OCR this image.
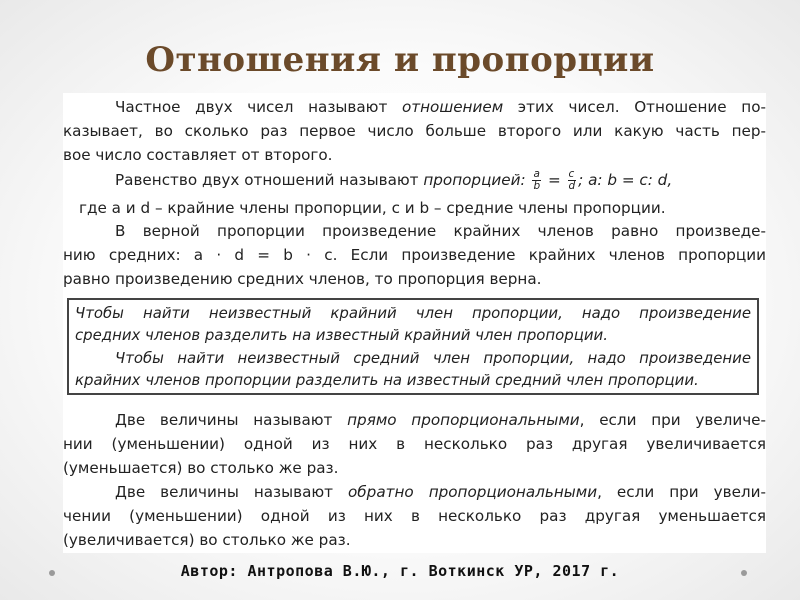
Отношения и пропорции
Частное двух чисел называют отношением этих чисел. Отношение по-
казывает, во сколько раз первое число больше второго или какую часть пер-
вое число составляет от второго.
Равенство двух отношений называют пропорцией: $\frac{a}{b} = \frac{c}{d}$ ; a: b = c: d,
где a и d – крайние члены пропорции, c и b – средние члены пропорции.
В верной пропорции произведение крайних членов равно произведе-
нию средних: a · d = b · c. Если произведение крайних членов пропорции
равно произведению средних членов, то пропорция верна.
Две величины называют прямо пропорциональными, если при увеличе-
нии (уменьшении) одной из них в несколько раз другая увеличивается
(уменьшается) во столько же раз.
Две величины называют обратно пропорциональными, если при увели-
чении (уменьшении) одной из них в несколько раз другая уменьшается
(увеличивается) во столько же раз.
Чтобы найти неизвестный крайний член пропорции, надо произведение
средних членов разделить на известный крайний член пропорции.
Чтобы найти неизвестный средний член пропорции, надо произведение
крайних членов пропорции разделить на известный средний член пропорции.
Автор: Антропова В.Ю., г. Воткинск УР, 2017 г.
